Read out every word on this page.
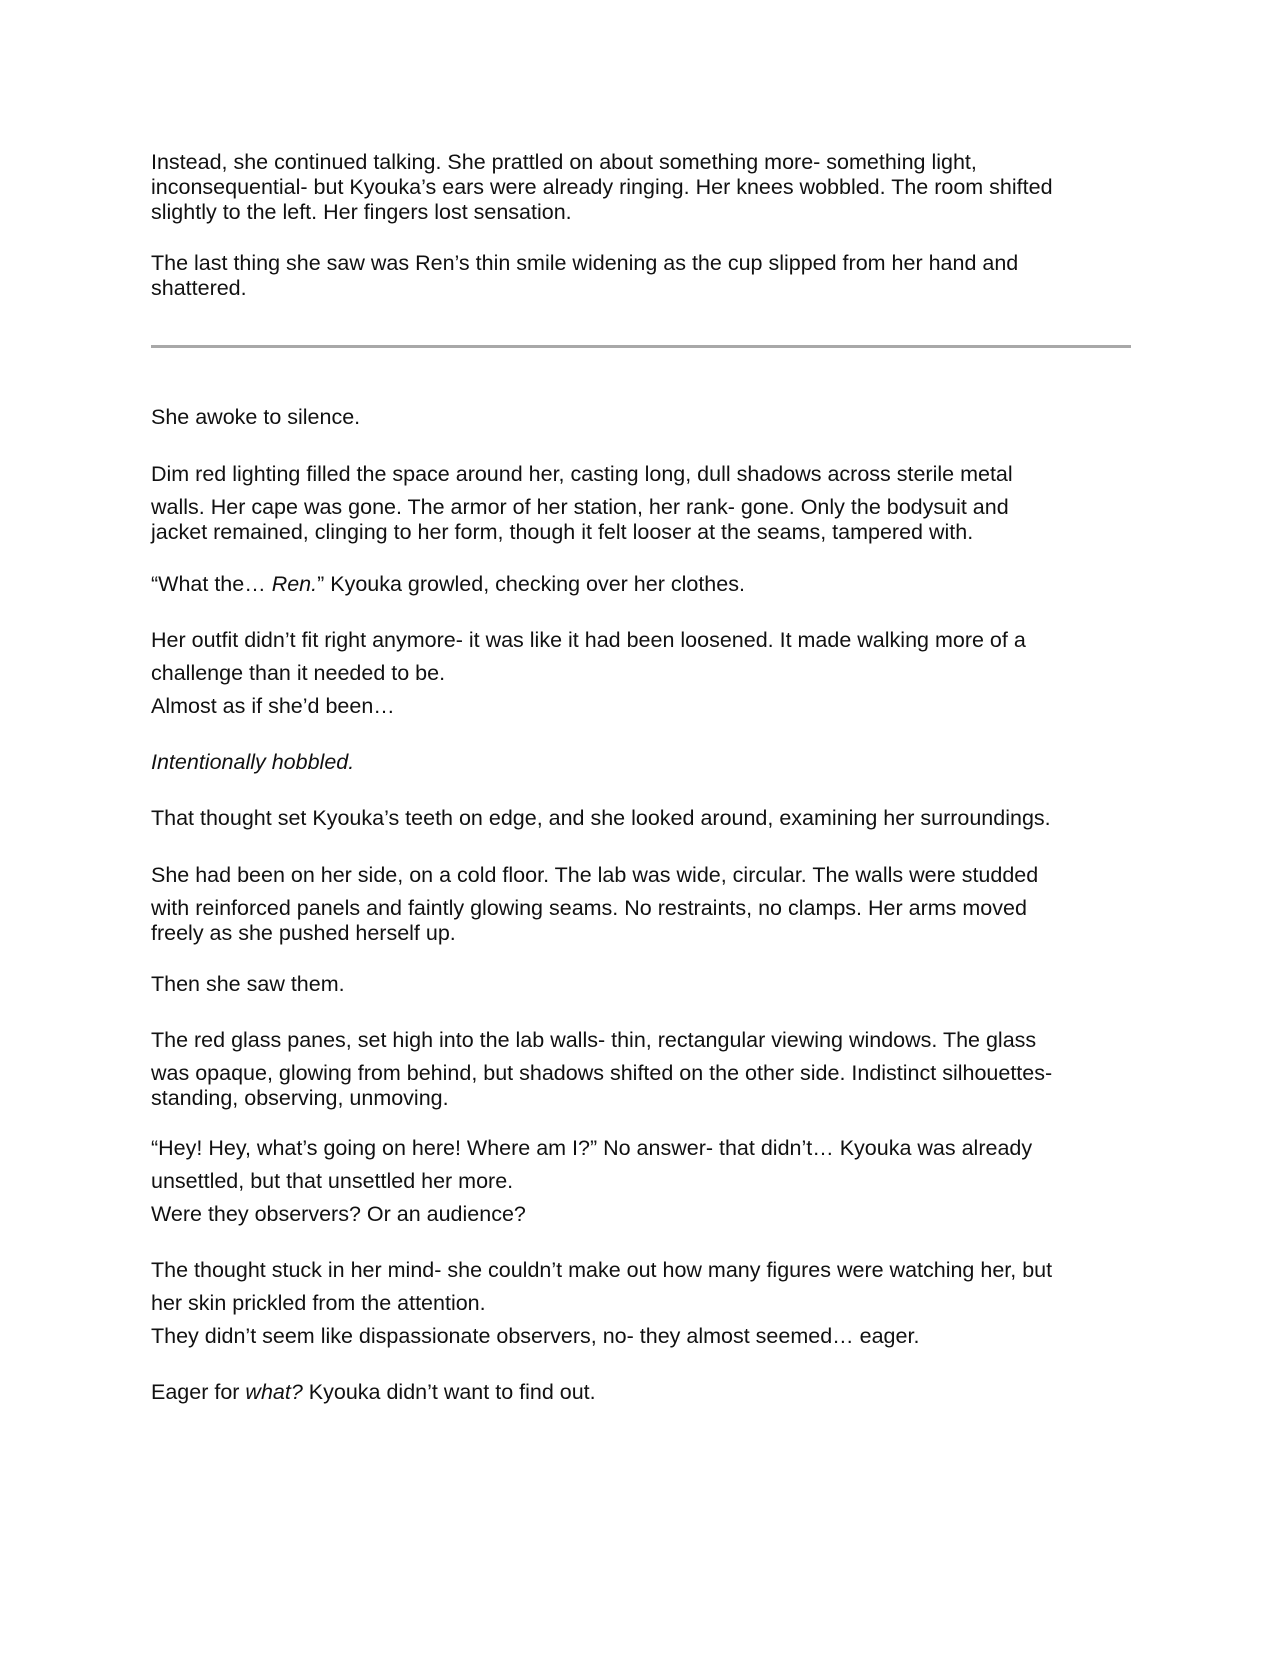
Instead, she continued talking. She prattled on about something more- something light,
inconsequential- but Kyouka’s ears were already ringing. Her knees wobbled. The room shifted
slightly to the left. Her fingers lost sensation.

The last thing she saw was Ren’s thin smile widening as the cup slipped from her hand and
shattered.

She awoke to silence.

Dim red lighting filled the space around her, casting long, dull shadows across sterile metal
walls. Her cape was gone. The armor of her station, her rank- gone. Only the bodysuit and
jacket remained, clinging to her form, though it felt looser at the seams, tampered with.

“What the… Ren.” Kyouka growled, checking over her clothes.

Her outfit didn’t fit right anymore- it was like it had been loosened. It made walking more of a
challenge than it needed to be.
Almost as if she’d been…

Intentionally hobbled.

That thought set Kyouka’s teeth on edge, and she looked around, examining her surroundings.

She had been on her side, on a cold floor. The lab was wide, circular. The walls were studded
with reinforced panels and faintly glowing seams. No restraints, no clamps. Her arms moved
freely as she pushed herself up.

Then she saw them.

The red glass panes, set high into the lab walls- thin, rectangular viewing windows. The glass
was opaque, glowing from behind, but shadows shifted on the other side. Indistinct silhouettes-
standing, observing, unmoving.

“Hey! Hey, what’s going on here! Where am I?” No answer- that didn’t… Kyouka was already
unsettled, but that unsettled her more.
Were they observers? Or an audience?

The thought stuck in her mind- she couldn’t make out how many figures were watching her, but
her skin prickled from the attention.
They didn’t seem like dispassionate observers, no- they almost seemed… eager.

Eager for what? Kyouka didn’t want to find out.
